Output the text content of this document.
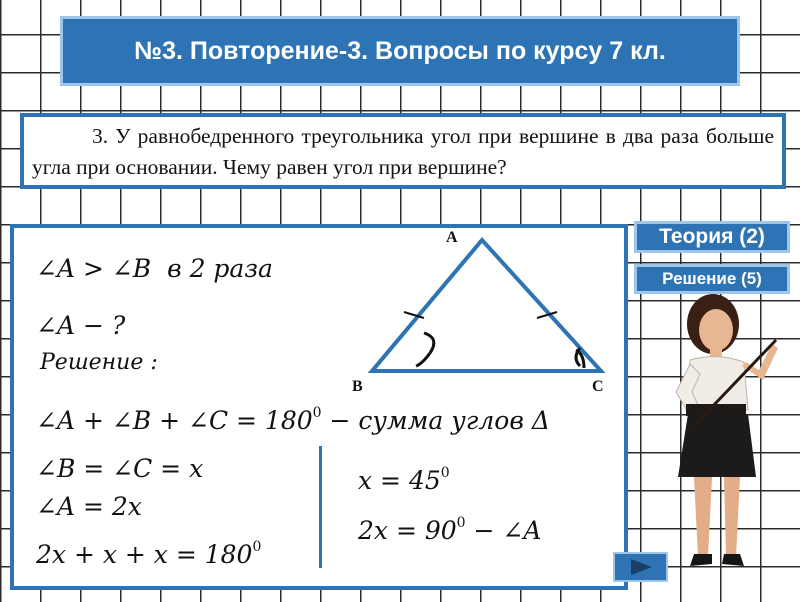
№3. Повторение-3. Вопросы по курсу 7 кл.
3. У равнобедренного треугольника угол при вершине в два раза больше угла при основании. Чему равен угол при вершине?
∠A > ∠B в 2 раза
∠A − ?
Решение :
∠A + ∠B + ∠C = $180^0$ − сумма углов Δ
∠B = ∠C = x
∠A = 2x
$2x + x + x = 180^0$
$x = 45^0$
$2x = 90^0$ − ∠A
A
B	C
Теория (2)
Решение (5)
